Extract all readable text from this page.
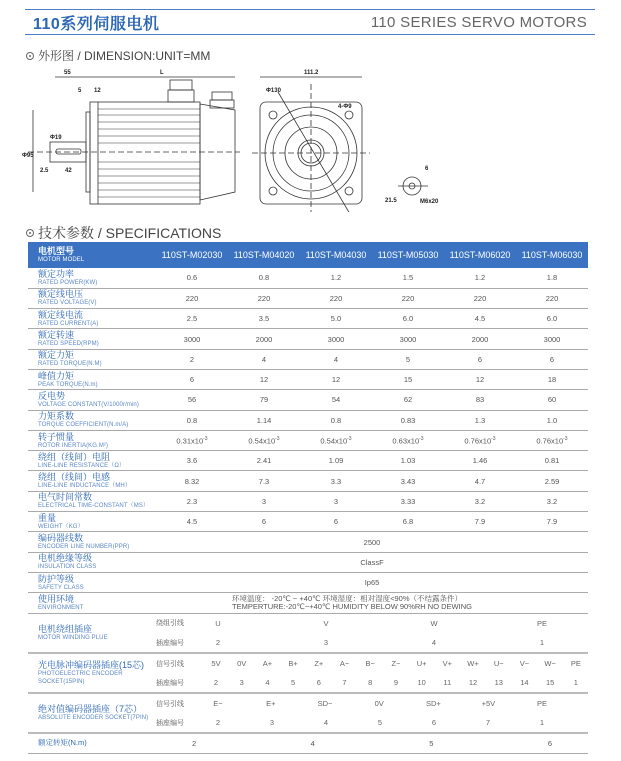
110系列伺服电机	110 SERIES SERVO MOTORS
外形图 / DIMENSION:UNIT=MM
55	L
5 12
Φ19
Φ95
2.5	42
111.2
Φ130
4-Φ9
6
21.5	M6x20
技术参数 / SPECIFICATIONS
电机型号
MOTOR MODEL	110ST-M02030 110ST-M04020 110ST-M04030 110ST-M05030 110ST-M06020 110ST-M06030

额定功率
RATED POWER(KW)

0.6	0.8	1.2	1.5	1.2	1.8

额定线电压
RATED VOLTAGE(V)

220	220	220	220	220	220

额定线电流
RATED CURRENT(A)

2.5	3.5	5.0	6.0	4.5	6.0

额定转速
RATED SPEED(RPM)

3000	2000	3000	3000	2000	3000

额定力矩
RATED TORQUE(N.M)

2	4	4	5	6	6

峰值力矩
PEAK TORQUE(N.m)

6	12	12	15	12	18

反电势
VOLTAGE CONSTANT(V/1000r/min)

56	79	54	62	83	60

力矩系数
TORQUE COEFFICIENT(N.m/A)

0.8	1.14	0.8	0.83	1.3	1.0

转子惯量
ROTOR INERTIA(KG.M²)

$0.31x10^{-3}$	$0.54x10^{-3}$	$0.54x10^{-3}$	$0.63x10^{-3}$	$0.76x10^{-3}$	$0.76x10^{-3}$

绕组（线间）电阻
LINE-LINE RESISTANCE（Ω）

3.6	2.41	1.09	1.03	1.46	0.81

绕组（线间）电感
LINE-LINE INDUCTANCE（MH）

8.32	7.3	3.3	3.43	4.7	2.59

电气时间常数
ELECTRICAL TIME-CONSTANT（MS）

2.3	3	3	3.33	3.2	3.2

重量
WEIGHT（KG）

4.5	6	6	6.8	7.9	7.9

编码器线数
ENCODER LINE NUMBER(PPR)	2500	

电机绝缘等级
INSULATION CLASS	ClassF	

防护等级
SAFETY CLASS	Ip65	

使用环境
ENVIRONMENT

环境温度： -20℃ ~ +40℃ 环境湿度：相对湿度<90%（不结露条件）
TEMPERTURE:-20℃~+40℃ HUMIDITY BELOW 90%RH NO DEWING

电机绕组插座
MOTOR WINDING PLUE	绕组引线	U V W PE

	插座编号	2 3 4 1

光电脉冲编码器插座(15芯)
PHOTOELECTRIC ENCODER SOCKET(15PIN)
	信号引线	5V 0V A+ B+ Z+ A− B− Z− U+ V+ W+ U− V− W− PE

插座编号	2	3	4	5	6	7	8	9	10 11 12 13 14 15	1

绝对值编码器插座（7芯）
ABSOLUTE ENCODER SOCKET(7PIN)
	信号引线	E−	E+	SD−	0V	SD+	+5V	PE

插座编号	2	3	4	5	6	7	1

额定转矩(N.m)	2 4 5 6	
